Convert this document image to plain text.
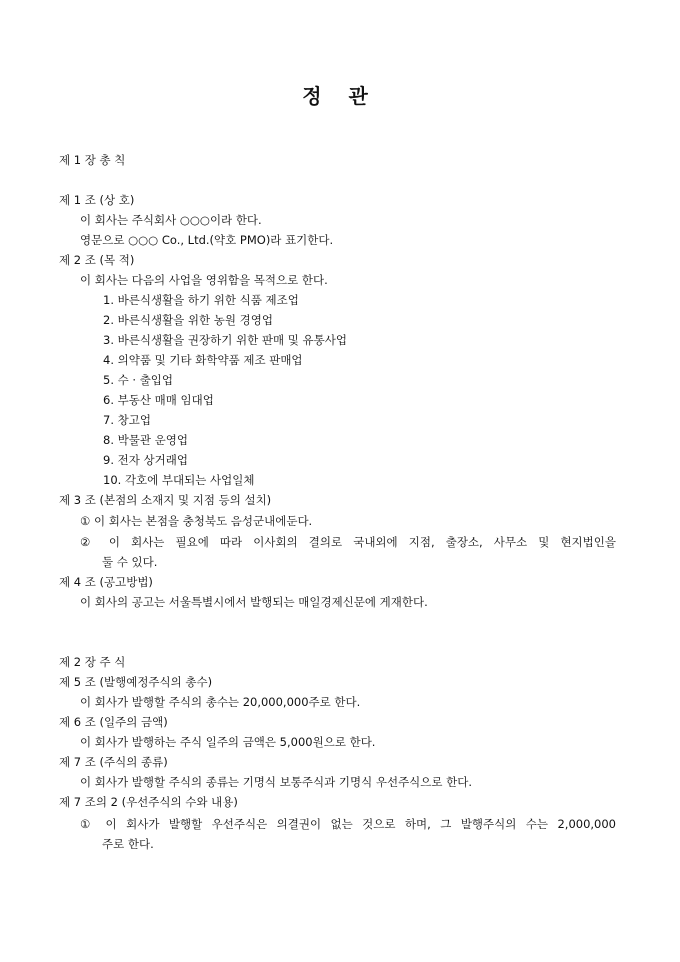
정 관
제 1 장 총 칙
제 1 조 (상 호)
이 회사는 주식회사 ○○○이라 한다.
영문으로 ○○○ Co., Ltd.(약호 PMO)라 표기한다.
제 2 조 (목 적)
이 회사는 다음의 사업을 영위함을 목적으로 한다.
1. 바른식생활을 하기 위한 식품 제조업
2. 바른식생활을 위한 농원 경영업
3. 바른식생활을 권장하기 위한 판매 및 유통사업
4. 의약품 및 기타 화학약품 제조 판매업
5. 수 · 출입업
6. 부동산 매매 임대업
7. 창고업
8. 박물관 운영업
9. 전자 상거래업
10. 각호에 부대되는 사업일체
제 3 조 (본점의 소재지 및 지점 등의 설치)
① 이 회사는 본점을 충청북도 음성군내에둔다.
② 이 회사는 필요에 따라 이사회의 결의로 국내외에 지점, 출장소, 사무소 및 현지법인을
둘 수 있다.
제 4 조 (공고방법)
이 회사의 공고는 서울특별시에서 발행되는 매일경제신문에 게재한다.
제 2 장 주 식
제 5 조 (발행예정주식의 총수)
이 회사가 발행할 주식의 총수는 20,000,000주로 한다.
제 6 조 (일주의 금액)
이 회사가 발행하는 주식 일주의 금액은 5,000원으로 한다.
제 7 조 (주식의 종류)
이 회사가 발행할 주식의 종류는 기명식 보통주식과 기명식 우선주식으로 한다.
제 7 조의 2 (우선주식의 수와 내용)
① 이 회사가 발행할 우선주식은 의결권이 없는 것으로 하며, 그 발행주식의 수는 2,000,000
주로 한다.
